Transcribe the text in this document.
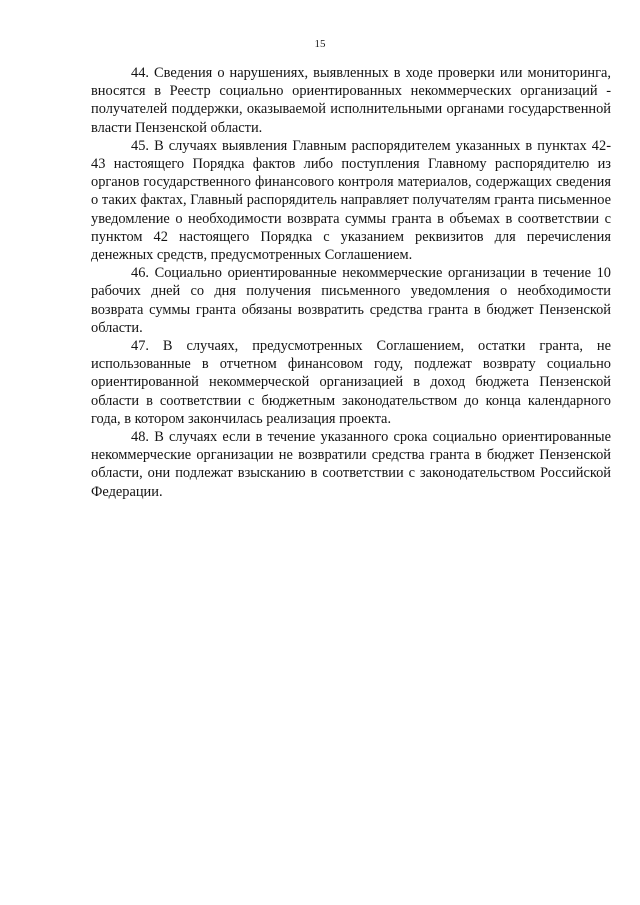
15

44. Сведения о нарушениях, выявленных в ходе проверки или мониторинга, вносятся в Реестр социально ориентированных некоммерческих организаций - получателей поддержки, оказываемой исполнительными органами государственной власти Пензенской области.

45. В случаях выявления Главным распорядителем указанных в пунктах 42-43 настоящего Порядка фактов либо поступления Главному распорядителю из органов государственного финансового контроля материалов, содержащих сведения о таких фактах, Главный распорядитель направляет получателям гранта письменное уведомление о необходимости возврата суммы гранта в объемах в соответствии с пунктом 42 настоящего Порядка с указанием реквизитов для перечисления денежных средств, предусмотренных Соглашением.

46. Социально ориентированные некоммерческие организации в течение 10 рабочих дней со дня получения письменного уведомления о необходимости возврата суммы гранта обязаны возвратить средства гранта в бюджет Пензенской области.

47. В случаях, предусмотренных Соглашением, остатки гранта, не использованные в отчетном финансовом году, подлежат возврату социально ориентированной некоммерческой организацией в доход бюджета Пензенской области в соответствии с бюджетным законодательством до конца календарного года, в котором закончилась реализация проекта.

48. В случаях если в течение указанного срока социально ориентированные некоммерческие организации не возвратили средства гранта в бюджет Пензенской области, они подлежат взысканию в соответствии с законодательством Российской Федерации.
